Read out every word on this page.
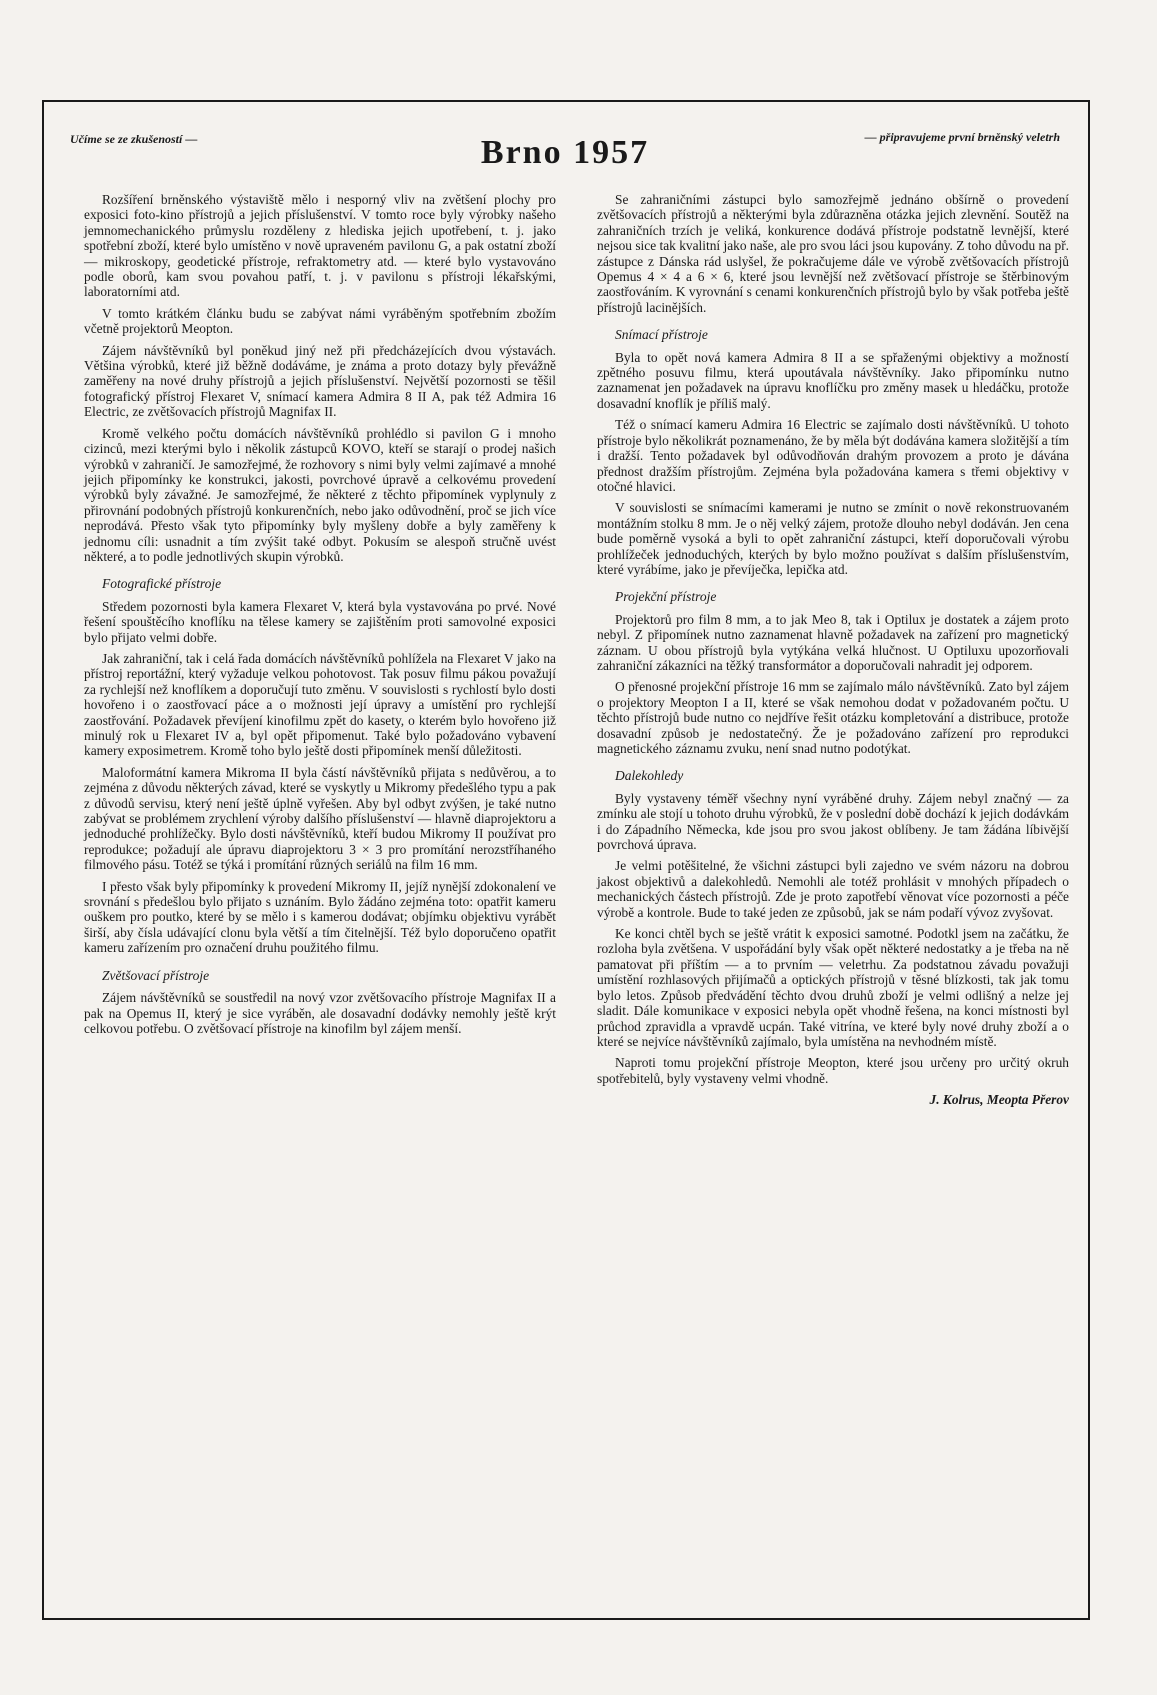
Učíme se ze zkušeností —	Brno 1957	— připravujeme první brněnský veletrh

Rozšíření brněnského výstaviště mělo i nesporný vliv na zvětšení plochy pro exposici foto-kino přístrojů a jejich příslušenství. V tomto roce byly výrobky našeho jemnomechanického průmyslu rozděleny z hlediska jejich upotřebení, t. j. jako spotřební zboží, které bylo umístěno v nově upraveném pavilonu G, a pak ostatní zboží — mikroskopy, geodetické přístroje, refraktometry atd. — které bylo vystavováno podle oborů, kam svou povahou patří, t. j. v pavilonu s přístroji lékařskými, laboratorními atd.

V tomto krátkém článku budu se zabývat námi vyráběným spotřebním zbožím včetně projektorů Meopton.

Zájem návštěvníků byl poněkud jiný než při předcházejících dvou výstavách. Většina výrobků, které již běžně dodáváme, je známa a proto dotazy byly převážně zaměřeny na nové druhy přístrojů a jejich příslušenství. Největší pozornosti se těšil fotografický přístroj Flexaret V, snímací kamera Admira 8 II A, pak též Admira 16 Electric, ze zvětšovacích přístrojů Magnifax II.

Kromě velkého počtu domácích návštěvníků prohlédlo si pavilon G i mnoho cizinců, mezi kterými bylo i několik zástupců KOVO, kteří se starají o prodej našich výrobků v zahraničí. Je samozřejmé, že rozhovory s nimi byly velmi zajímavé a mnohé jejich připomínky ke konstrukci, jakosti, povrchové úpravě a celkovému provedení výrobků byly závažné. Je samozřejmé, že některé z těchto připomínek vyplynuly z přirovnání podobných přístrojů konkurenčních, nebo jako odůvodnění, proč se jich více neprodává. Přesto však tyto připomínky byly myšleny dobře a byly zaměřeny k jednomu cíli: usnadnit a tím zvýšit také odbyt. Pokusím se alespoň stručně uvést některé, a to podle jednotlivých skupin výrobků.

Fotografické přístroje

Středem pozornosti byla kamera Flexaret V, která byla vystavována po prvé. Nové řešení spouštěcího knoflíku na tělese kamery se zajištěním proti samovolné exposici bylo přijato velmi dobře.

Jak zahraniční, tak i celá řada domácích návštěvníků pohlížela na Flexaret V jako na přístroj reportážní, který vyžaduje velkou pohotovost. Tak posuv filmu pákou považují za rychlejší než knoflíkem a doporučují tuto změnu. V souvislosti s rychlostí bylo dosti hovořeno i o zaostřovací páce a o možnosti její úpravy a umístění pro rychlejší zaostřování. Požadavek převíjení kinofilmu zpět do kasety, o kterém bylo hovořeno již minulý rok u Flexaret IV a, byl opět připomenut. Také bylo požadováno vybavení kamery exposimetrem. Kromě toho bylo ještě dosti připomínek menší důležitosti.

Maloformátní kamera Mikroma II byla částí návštěvníků přijata s nedůvěrou, a to zejména z důvodu některých závad, které se vyskytly u Mikromy předešlého typu a pak z důvodů servisu, který není ještě úplně vyřešen. Aby byl odbyt zvýšen, je také nutno zabývat se problémem zrychlení výroby dalšího příslušenství — hlavně diaprojektoru a jednoduché prohlížečky. Bylo dosti návštěvníků, kteří budou Mikromy II používat pro reprodukce; požadují ale úpravu diaprojektoru 3 × 3 pro promítání nerozstříhaného filmového pásu. Totéž se týká i promítání různých seriálů na film 16 mm.

I přesto však byly připomínky k provedení Mikromy II, jejíž nynější zdokonalení ve srovnání s předešlou bylo přijato s uznáním. Bylo žádáno zejména toto: opatřit kameru ouškem pro poutko, které by se mělo i s kamerou dodávat; objímku objektivu vyrábět širší, aby čísla udávající clonu byla větší a tím čitelnější. Též bylo doporučeno opatřit kameru zařízením pro označení druhu použitého filmu.

Zvětšovací přístroje

Zájem návštěvníků se soustředil na nový vzor zvětšovacího přístroje Magnifax II a pak na Opemus II, který je sice vyráběn, ale dosavadní dodávky nemohly ještě krýt celkovou potřebu. O zvětšovací přístroje na kinofilm byl zájem menší.

Se zahraničními zástupci bylo samozřejmě jednáno obšírně o provedení zvětšovacích přístrojů a některými byla zdůrazněna otázka jejich zlevnění. Soutěž na zahraničních trzích je veliká, konkurence dodává přístroje podstatně levnější, které nejsou sice tak kvalitní jako naše, ale pro svou láci jsou kupovány. Z toho důvodu na př. zástupce z Dánska rád uslyšel, že pokračujeme dále ve výrobě zvětšovacích přístrojů Opemus 4 × 4 a 6 × 6, které jsou levnější než zvětšovací přístroje se štěrbinovým zaostřováním. K vyrovnání s cenami konkurenčních přístrojů bylo by však potřeba ještě přístrojů lacinějších.

Snímací přístroje

Byla to opět nová kamera Admira 8 II a se spřaženými objektivy a možností zpětného posuvu filmu, která upoutávala návštěvníky. Jako připomínku nutno zaznamenat jen požadavek na úpravu knoflíčku pro změny masek u hledáčku, protože dosavadní knoflík je příliš malý.

Též o snímací kameru Admira 16 Electric se zajímalo dosti návštěvníků. U tohoto přístroje bylo několikrát poznamenáno, že by měla být dodávána kamera složitější a tím i dražší. Tento požadavek byl odůvodňován drahým provozem a proto je dávána přednost dražším přístrojům. Zejména byla požadována kamera s třemi objektivy v otočné hlavici.

V souvislosti se snímacími kamerami je nutno se zmínit o nově rekonstruovaném montážním stolku 8 mm. Je o něj velký zájem, protože dlouho nebyl dodáván. Jen cena bude poměrně vysoká a byli to opět zahraniční zástupci, kteří doporučovali výrobu prohlížeček jednoduchých, kterých by bylo možno používat s dalším příslušenstvím, které vyrábíme, jako je převíječka, lepička atd.

Projekční přístroje

Projektorů pro film 8 mm, a to jak Meo 8, tak i Optilux je dostatek a zájem proto nebyl. Z připomínek nutno zaznamenat hlavně požadavek na zařízení pro magnetický záznam. U obou přístrojů byla vytýkána velká hlučnost. U Optiluxu upozorňovali zahraniční zákazníci na těžký transformátor a doporučovali nahradit jej odporem.

O přenosné projekční přístroje 16 mm se zajímalo málo návštěvníků. Zato byl zájem o projektory Meopton I a II, které se však nemohou dodat v požadovaném počtu. U těchto přístrojů bude nutno co nejdříve řešit otázku kompletování a distribuce, protože dosavadní způsob je nedostatečný. Že je požadováno zařízení pro reprodukci magnetického záznamu zvuku, není snad nutno podotýkat.

Dalekohledy

Byly vystaveny téměř všechny nyní vyráběné druhy. Zájem nebyl značný — za zmínku ale stojí u tohoto druhu výrobků, že v poslední době dochází k jejich dodávkám i do Západního Německa, kde jsou pro svou jakost oblíbeny. Je tam žádána líbivější povrchová úprava.

Je velmi potěšitelné, že všichni zástupci byli zajedno ve svém názoru na dobrou jakost objektivů a dalekohledů. Nemohli ale totéž prohlásit v mnohých případech o mechanických částech přístrojů. Zde je proto zapotřebí věnovat více pozornosti a péče výrobě a kontrole. Bude to také jeden ze způsobů, jak se nám podaří vývoz zvyšovat.

Ke konci chtěl bych se ještě vrátit k exposici samotné. Podotkl jsem na začátku, že rozloha byla zvětšena. V uspořádání byly však opět některé nedostatky a je třeba na ně pamatovat při příštím — a to prvním — veletrhu. Za podstatnou závadu považuji umístění rozhlasových přijímačů a optických přístrojů v těsné blízkosti, tak jak tomu bylo letos. Způsob předvádění těchto dvou druhů zboží je velmi odlišný a nelze jej sladit. Dále komunikace v exposici nebyla opět vhodně řešena, na konci místnosti byl průchod zpravidla a vpravdě ucpán. Také vitrína, ve které byly nové druhy zboží a o které se nejvíce návštěvníků zajímalo, byla umístěna na nevhodném místě.

Naproti tomu projekční přístroje Meopton, které jsou určeny pro určitý okruh spotřebitelů, byly vystaveny velmi vhodně.

J. Kolrus, Meopta Přerov
